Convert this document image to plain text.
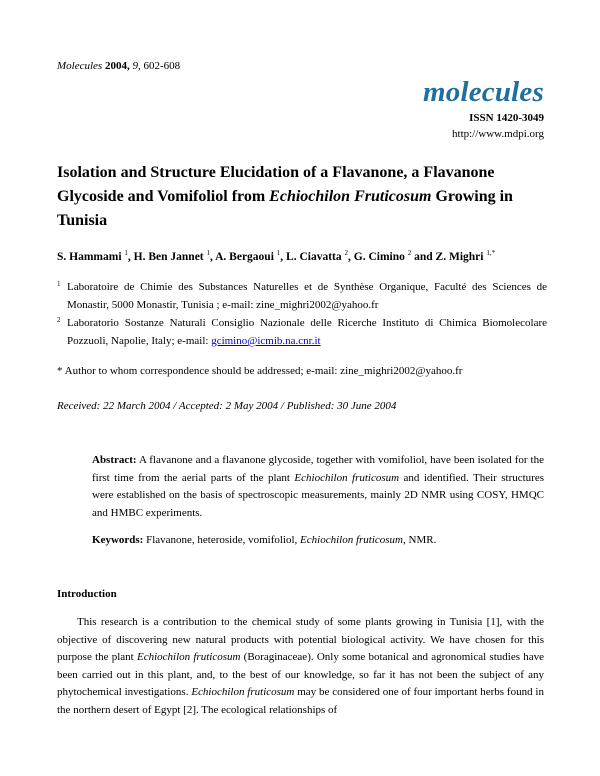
Molecules 2004, 9, 602-608
molecules
ISSN 1420-3049
http://www.mdpi.org
Isolation and Structure Elucidation of a Flavanone, a Flavanone Glycoside and Vomifoliol from Echiochilon Fruticosum Growing in Tunisia
S. Hammami $^1$, H. Ben Jannet $^1$, A. Bergaoui $^1$, L. Ciavatta $^2$, G. Cimino $^2$ and Z. Mighri $^{1,*}$
1 Laboratoire de Chimie des Substances Naturelles et de Synthèse Organique, Faculté des Sciences de Monastir, 5000 Monastir, Tunisia ; e-mail: zine_mighri2002@yahoo.fr
2 Laboratorio Sostanze Naturali Consiglio Nazionale delle Ricerche Instituto di Chimica Biomolecolare Pozzuoli, Napolie, Italy; e-mail: gcimino@icmib.na.cnr.it
* Author to whom correspondence should be addressed; e-mail: zine_mighri2002@yahoo.fr
Received: 22 March 2004 / Accepted: 2 May 2004 / Published: 30 June 2004
Abstract: A flavanone and a flavanone glycoside, together with vomifoliol, have been isolated for the first time from the aerial parts of the plant Echiochilon fruticosum and identified. Their structures were established on the basis of spectroscopic measurements, mainly 2D NMR using COSY, HMQC and HMBC experiments.
Keywords: Flavanone, heteroside, vomifoliol, Echiochilon fruticosum, NMR.
Introduction
This research is a contribution to the chemical study of some plants growing in Tunisia [1], with the objective of discovering new natural products with potential biological activity. We have chosen for this purpose the plant Echiochilon fruticosum (Boraginaceae). Only some botanical and agronomical studies have been carried out in this plant, and, to the best of our knowledge, so far it has not been the subject of any phytochemical investigations. Echiochilon fruticosum may be considered one of four important herbs found in the northern desert of Egypt [2]. The ecological relationships of
